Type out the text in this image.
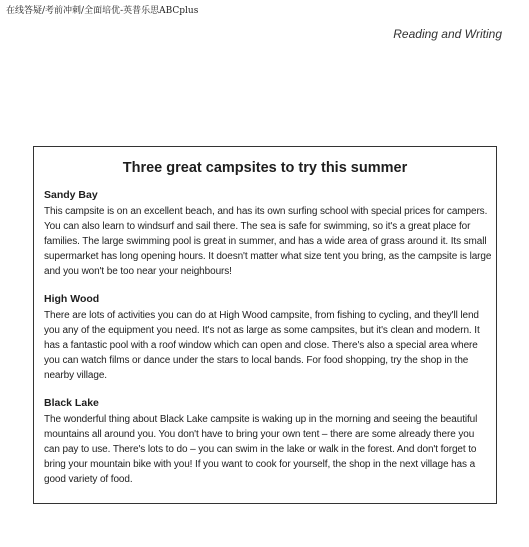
在线答疑/考前冲刺/全面培优-英普乐思ABCplus
Reading and Writing
Three great campsites to try this summer

Sandy Bay

This campsite is on an excellent beach, and has its own surfing school with special prices for campers. You can also learn to windsurf and sail there. The sea is safe for swimming, so it's a great place for families. The large swimming pool is great in summer, and has a wide area of grass around it. Its small supermarket has long opening hours. It doesn't matter what size tent you bring, as the campsite is large and you won't be too near your neighbours!

High Wood

There are lots of activities you can do at High Wood campsite, from fishing to cycling, and they'll lend you any of the equipment you need. It's not as large as some campsites, but it's clean and modern. It has a fantastic pool with a roof window which can open and close. There's also a special area where you can watch films or dance under the stars to local bands. For food shopping, try the shop in the nearby village.

Black Lake

The wonderful thing about Black Lake campsite is waking up in the morning and seeing the beautiful mountains all around you. You don't have to bring your own tent – there are some already there you can pay to use. There's lots to do – you can swim in the lake or walk in the forest. And don't forget to bring your mountain bike with you! If you want to cook for yourself, the shop in the next village has a good variety of food.
